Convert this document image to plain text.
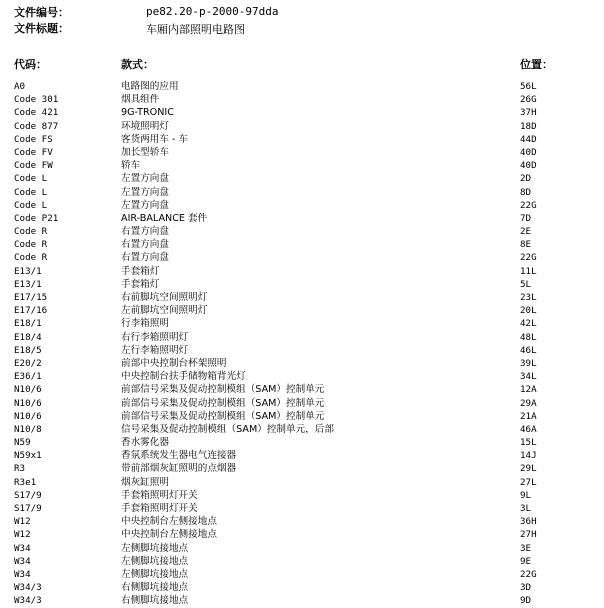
文件编号：	pe82.20-p-2000-97dda
文件标题：	车厢内部照明电路图
代码：	款式：	位置：
A0	电路图的应用	56L
Code 301	烟具组件	26G
Code 421	9G-TRONIC	37H
Code 877	环境照明灯	18D
Code FS	客货两用车 - 车	44D
Code FV	加长型轿车	40D
Code FW	轿车	40D
Code L	左置方向盘	2D
Code L	左置方向盘	8D
Code L	左置方向盘	22G
Code P21	AIR-BALANCE 套件	7D
Code R	右置方向盘	2E
Code R	右置方向盘	8E
Code R	右置方向盘	22G
E13/1	手套箱灯	11L
E13/1	手套箱灯	5L
E17/15	右前脚坑空间照明灯	23L
E17/16	左前脚坑空间照明灯	20L
E18/1	行李箱照明	42L
E18/4	右行李箱照明灯	48L
E18/5	左行李箱照明灯	46L
E20/2	前部中央控制台杯架照明	39L
E36/1	中央控制台扶手储物箱背光灯	34L
N10/6	前部信号采集及促动控制模组（SAM）控制单元	12A
N10/6	前部信号采集及促动控制模组（SAM）控制单元	29A
N10/6	前部信号采集及促动控制模组（SAM）控制单元	21A
N10/8	信号采集及促动控制模组（SAM）控制单元，后部	46A
N59	香水雾化器	15L
N59x1	香氛系统发生器电气连接器	14J
R3	带前部烟灰缸照明的点烟器	29L
R3e1	烟灰缸照明	27L
S17/9	手套箱照明灯开关	9L
S17/9	手套箱照明灯开关	3L
W12	中央控制台左侧接地点	36H
W12	中央控制台左侧接地点	27H
W34	左侧脚坑接地点	3E
W34	左侧脚坑接地点	9E
W34	左侧脚坑接地点	22G
W34/3	右侧脚坑接地点	3D
W34/3	右侧脚坑接地点	9D
